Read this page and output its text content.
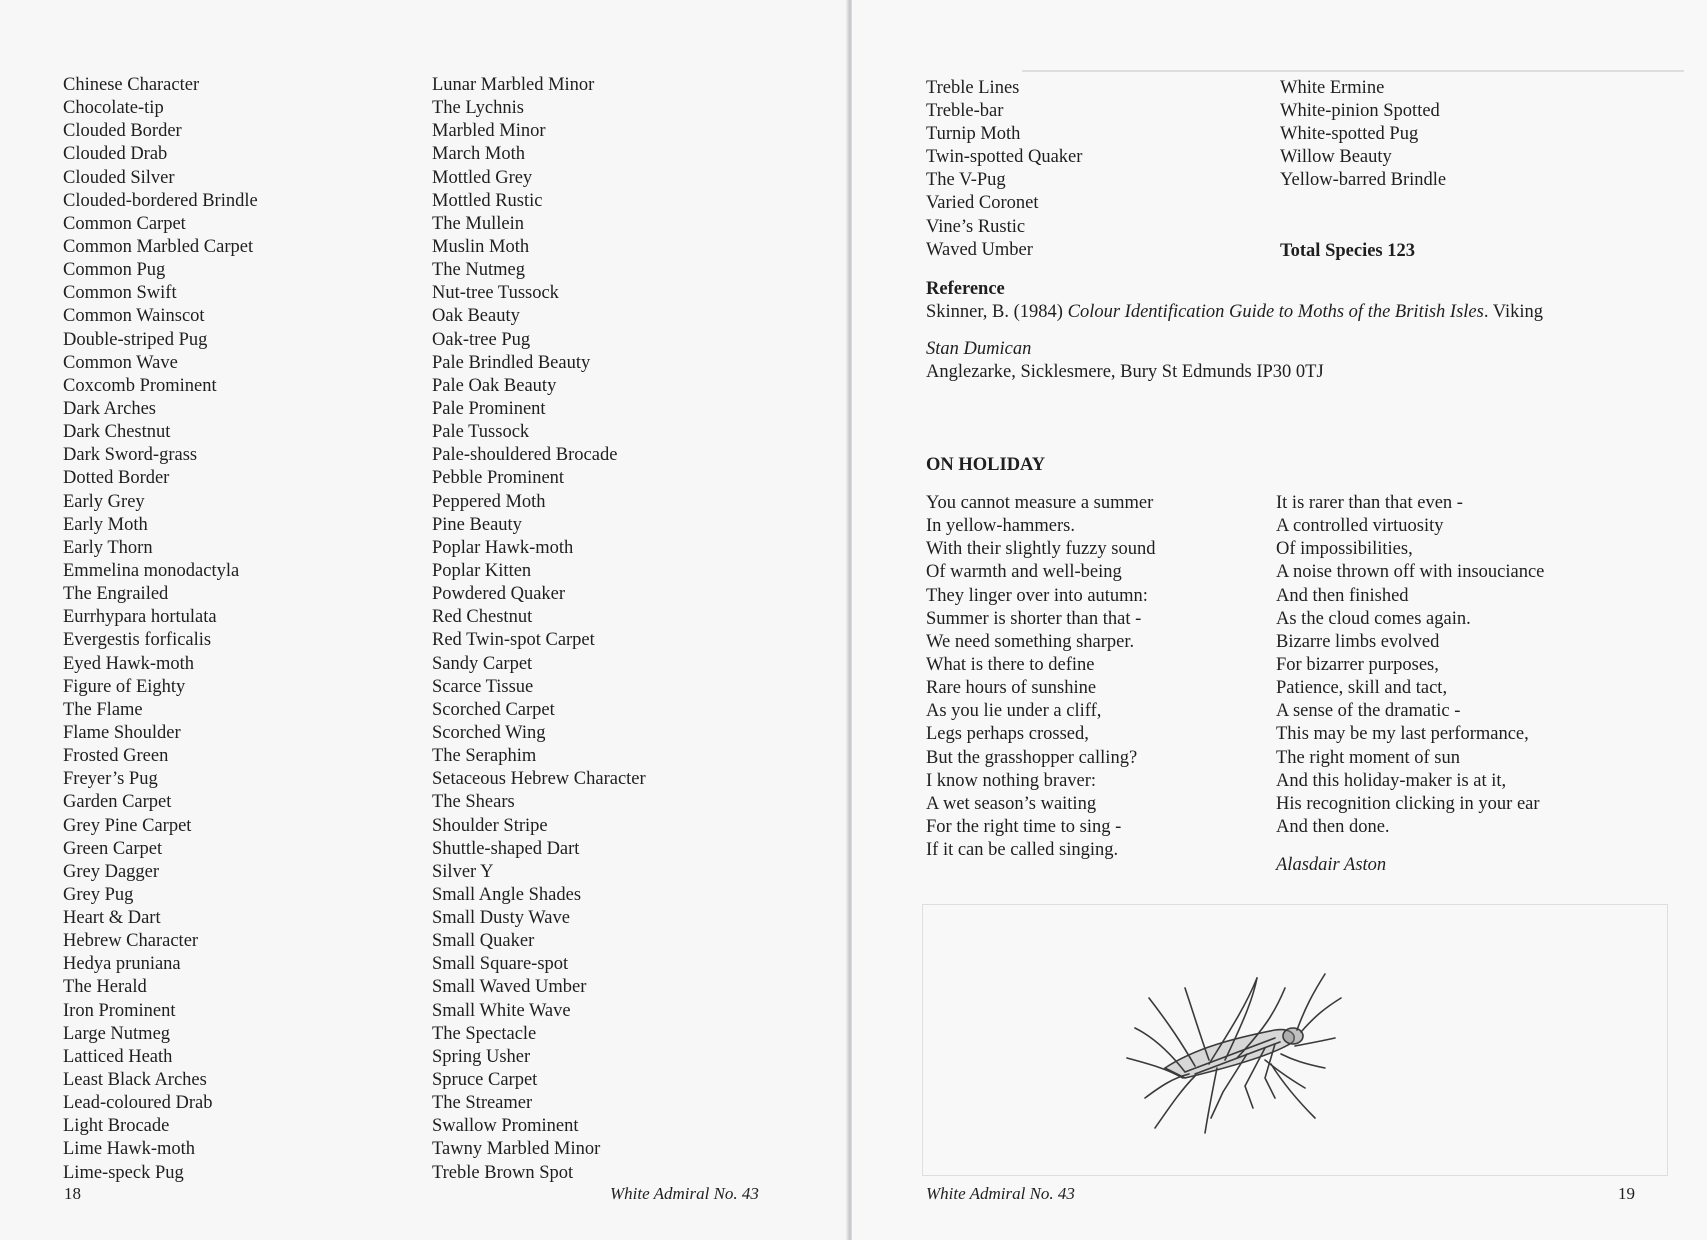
Chinese Character
Chocolate-tip
Clouded Border
Clouded Drab
Clouded Silver
Clouded-bordered Brindle
Common Carpet
Common Marbled Carpet
Common Pug
Common Swift
Common Wainscot
Double-striped Pug
Common Wave
Coxcomb Prominent
Dark Arches
Dark Chestnut
Dark Sword-grass
Dotted Border
Early Grey
Early Moth
Early Thorn
Emmelina monodactyla
The Engrailed
Eurrhypara hortulata
Evergestis forficalis
Eyed Hawk-moth
Figure of Eighty
The Flame
Flame Shoulder
Frosted Green
Freyer’s Pug
Garden Carpet
Grey Pine Carpet
Green Carpet
Grey Dagger
Grey Pug
Heart & Dart
Hebrew Character
Hedya pruniana
The Herald
Iron Prominent
Large Nutmeg
Latticed Heath
Least Black Arches
Lead-coloured Drab
Light Brocade
Lime Hawk-moth
Lime-speck Pug
Lunar Marbled Minor
The Lychnis
Marbled Minor
March Moth
Mottled Grey
Mottled Rustic
The Mullein
Muslin Moth
The Nutmeg
Nut-tree Tussock
Oak Beauty
Oak-tree Pug
Pale Brindled Beauty
Pale Oak Beauty
Pale Prominent
Pale Tussock
Pale-shouldered Brocade
Pebble Prominent
Peppered Moth
Pine Beauty
Poplar Hawk-moth
Poplar Kitten
Powdered Quaker
Red Chestnut
Red Twin-spot Carpet
Sandy Carpet
Scarce Tissue
Scorched Carpet
Scorched Wing
The Seraphim
Setaceous Hebrew Character
The Shears
Shoulder Stripe
Shuttle-shaped Dart
Silver Y
Small Angle Shades
Small Dusty Wave
Small Quaker
Small Square-spot
Small Waved Umber
Small White Wave
The Spectacle
Spring Usher
Spruce Carpet
The Streamer
Swallow Prominent
Tawny Marbled Minor
Treble Brown Spot
18	White Admiral No. 43
Treble Lines
Treble-bar
Turnip Moth
Twin-spotted Quaker
The V-Pug
Varied Coronet
Vine’s Rustic
Waved Umber
White Ermine
White-pinion Spotted
White-spotted Pug
Willow Beauty
Yellow-barred Brindle
Total Species 123
Reference
Skinner, B. (1984) Colour Identification Guide to Moths of the British Isles. Viking
Stan Dumican
Anglezarke, Sicklesmere, Bury St Edmunds IP30 0TJ
ON HOLIDAY
You cannot measure a summer
In yellow-hammers.
With their slightly fuzzy sound
Of warmth and well-being
They linger over into autumn:
Summer is shorter than that -
We need something sharper.
What is there to define
Rare hours of sunshine
As you lie under a cliff,
Legs perhaps crossed,
But the grasshopper calling?
I know nothing braver:
A wet season’s waiting
For the right time to sing -
If it can be called singing.
It is rarer than that even -
A controlled virtuosity
Of impossibilities,
A noise thrown off with insouciance
And then finished
As the cloud comes again.
Bizarre limbs evolved
For bizarrer purposes,
Patience, skill and tact,
A sense of the dramatic -
This may be my last performance,
The right moment of sun
And this holiday-maker is at it,
His recognition clicking in your ear
And then done.
Alasdair Aston
White Admiral No. 43	19
